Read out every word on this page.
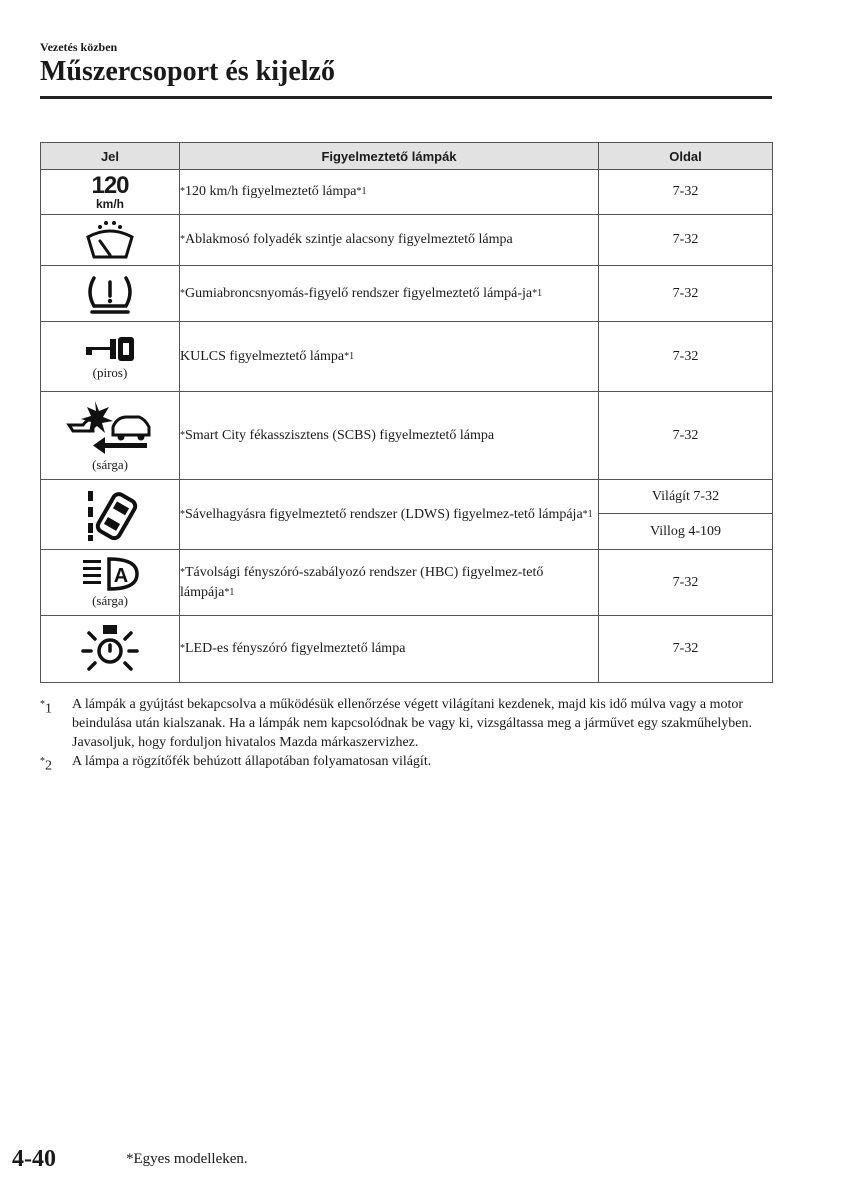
Vezetés közben
Műszercsoport és kijelző
Jel	Figyelmeztető lámpák	Oldal

120
km/h	*120 km/h figyelmeztető lámpa$^{*1}$	7-32

	*Ablakmosó folyadék szintje alacsony figyelmeztető lámpa	7-32

	*Gumiabroncsnyomás-figyelő rendszer figyelmeztető lámpá-$ja^{*1}$	7-32

(piros)	KULCS figyelmeztető lámpa$^{*1}$	7-32

(sárga)	*Smart City fékasszisztens (SCBS) figyelmeztető lámpa	7-32

	*Sávelhagyásra figyelmeztető rendszer (LDWS) figyelmez-tető lámpája$^{*1}$	Világít 7-32
		Villog 4-109

A
(sárga)	*Távolsági fényszóró-szabályozó rendszer (HBC) figyelmez-tető lámpája$^{*1}$	7-32

	*LED-es fényszóró figyelmeztető lámpa	7-32
*1 A lámpák a gyújtást bekapcsolva a működésük ellenőrzése végett világítani kezdenek, majd kis idő múlva vagy a motor beindulása után kialszanak. Ha a lámpák nem kapcsolódnak be vagy ki, vizsgáltassa meg a járművet egy szakműhelyben. Javasoljuk, hogy forduljon hivatalos Mazda márkaszervizhez.
*2 A lámpa a rögzítőfék behúzott állapotában folyamatosan világít.
4-40	*Egyes modelleken.
